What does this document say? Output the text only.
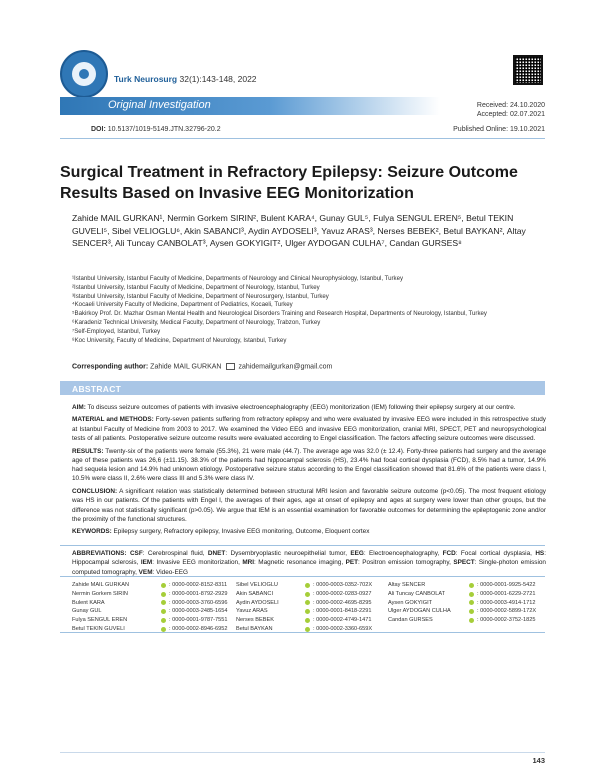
Turk Neurosurg 32(1):143-148, 2022
Original Investigation	Received: 24.10.2020
Accepted: 02.07.2021
DOI: 10.5137/1019-5149.JTN.32796-20.2	Published Online: 19.10.2021
Surgical Treatment in Refractory Epilepsy: Seizure Outcome Results Based on Invasive EEG Monitorization
Zahide MAIL GURKAN¹, Nermin Gorkem SIRIN², Bulent KARA⁴, Gunay GUL⁵, Fulya SENGUL EREN⁵, Betul TEKIN GUVELI⁵, Sibel VELIOGLU⁶, Akin SABANCI³, Aydin AYDOSELI³, Yavuz ARAS³, Nerses BEBEK², Betul BAYKAN², Altay SENCER³, Ali Tuncay CANBOLAT³, Aysen GOKYIGIT², Ulger AYDOGAN CULHA⁷, Candan GURSES⁸
¹Istanbul University, Istanbul Faculty of Medicine, Departments of Neurology and Clinical Neurophysiology, Istanbul, Turkey
²Istanbul University, Istanbul Faculty of Medicine, Department of Neurology, Istanbul, Turkey
³Istanbul University, Istanbul Faculty of Medicine, Department of Neurosurgery, Istanbul, Turkey
⁴Kocaeli University Faculty of Medicine, Department of Pediatrics, Kocaeli, Turkey
⁵Bakirkoy Prof. Dr. Mazhar Osman Mental Health and Neurological Disorders Training and Research Hospital, Departments of Neurology, Istanbul, Turkey
⁶Karadeniz Technical University, Medical Faculty, Department of Neurology, Trabzon, Turkey
⁷Self-Employed, Istanbul, Turkey
⁸Koc University, Faculty of Medicine, Department of Neurology, Istanbul, Turkey
Corresponding author: Zahide MAIL GURKAN zahidemailgurkan@gmail.com
ABSTRACT

AIM: To discuss seizure outcomes of patients with invasive electroencephalography (EEG) monitorization (IEM) following their epilepsy surgery at our centre.

MATERIAL and METHODS: Forty-seven patients suffering from refractory epilepsy and who were evaluated by invasive EEG were included in this retrospective study at Istanbul Faculty of Medicine from 2003 to 2017. We examined the Video EEG and invasive EEG monitorization, cranial MRI, SPECT, PET and neuropsychological tests of all patients. Postoperative seizure outcome results were evaluated according to Engel classification. The factors affecting seizure outcomes were discussed.

RESULTS: Twenty-six of the patients were female (55.3%), 21 were male (44.7). The average age was 32.0 (± 12.4). Forty-three patients had surgery and the average age of these patients was 26,6 (±11.15). 38.3% of the patients had hippocampal sclerosis (HS), 23.4% had focal cortical dysplasia (FCD), 8.5% had a tumor, 14.9% had sequela lesion and 14.9% had unknown etiology. Postoperative seizure status according to the Engel classification showed that 81.6% of the patients were class I, 10.5% were class II, 2.6% were class III and 5.3% were class IV.

CONCLUSION: A significant relation was statistically determined between structural MRI lesion and favorable seizure outcome (p<0.05). The most frequent etiology was HS in our patients. Of the patients with Engel I, the averages of their ages, age at onset of epilepsy and ages at surgery were lower than other groups, but the difference was not statistically significant (p>0.05). We argue that IEM is an essential examination for favorable outcomes for determining the epileptogenic zone and/or the proximity of the functional structures.

KEYWORDS: Epilepsy surgery, Refractory epilepsy, Invasive EEG monitoring, Outcome, Eloquent cortex

ABBREVIATIONS: CSF: Cerebrospinal fluid, DNET: Dysembryoplastic neuroepithelial tumor, EEG: Electroencephalography, FCD: Focal cortical dysplasia, HS: Hippocampal sclerosis, IEM: Invasive EEG monitorization, MRI: Magnetic resonance imaging, PET: Positron emission tomography, SPECT: Single-photon emission computed tomography, VEM: Video-EEG
Zahide MAIL GURKAN	: 0000-0002-8152-8311
Nermin Gorkem SIRIN	: 0000-0001-8792-2929
Bulent KARA	: 0000-0003-3760-6596
Gunay GUL	: 0000-0003-2485-1654
Fulya SENGUL EREN	: 0000-0001-9787-7551
Betul TEKIN GUVELI	: 0000-0002-8946-6952
Sibel VELIOGLU	: 0000-0003-0352-702X
Akin SABANCI	: 0000-0002-0283-0927
Aydin AYDOSELI	: 0000-0002-4695-8295
Yavuz ARAS	: 0000-0001-8418-2291
Nerses BEBEK	: 0000-0002-4749-1471
Betul BAYKAN	: 0000-0002-3360-659X
Altay SENCER	: 0000-0001-9925-5422
Ali Tuncay CANBOLAT	: 0000-0001-6229-2721
Aysen GOKYIGIT	: 0000-0003-4914-1712
Ulger AYDOGAN CULHA	: 0000-0002-5899-172X
Candan GURSES	: 0000-0002-3752-1825
143
